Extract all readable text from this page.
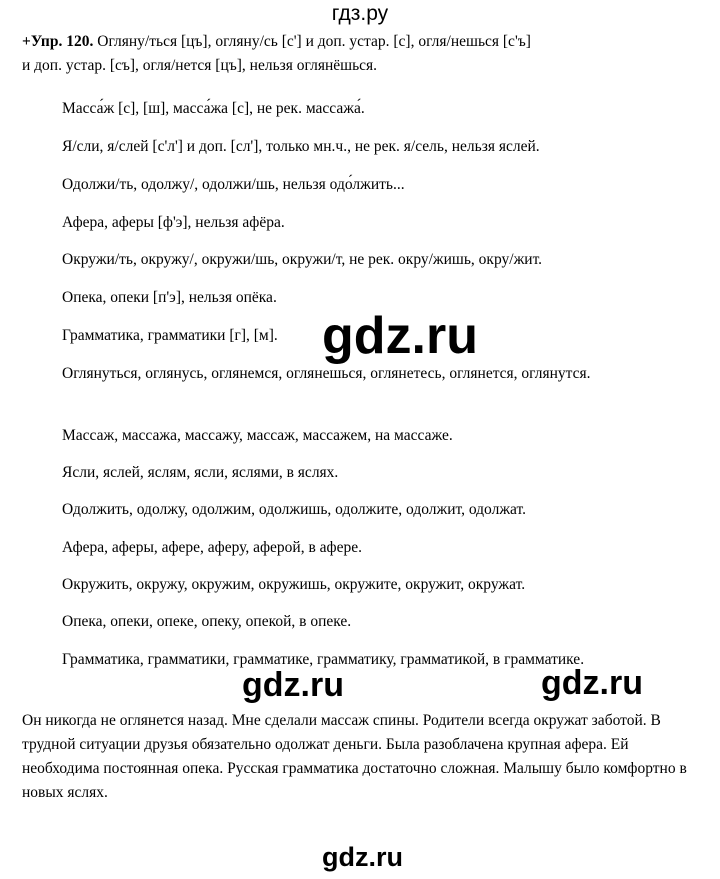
гдз.ру
+Упр. 120. Огляну/ться [цъ], огляну/сь [с'] и доп. устар. [с], огля/нешься [с'ъ]
и доп. устар. [съ], огля/нется [цъ], нельзя оглянёшься.

Масса́ж [с], [ш], масса́жа [с], не рек. массажа́.

Я/сли, я/слей [с'л'] и доп. [сл'], только мн.ч., не рек. я/сель, нельзя яслей.

Одолжи/ть, одолжу/, одолжи/шь, нельзя одо́лжить...

Афера, аферы [ф'э], нельзя афёра.

Окружи/ть, окружу/, окружи/шь, окружи/т, не рек. окру/жишь, окру/жит.

Опека, опеки [п'э], нельзя опёка.

Грамматика, грамматики [г], [м]. gdz.ru

Оглянуться, оглянусь, оглянемся, оглянешься, оглянетесь, оглянется, оглянутся.

Массаж, массажа, массажу, массаж, массажем, на массаже.

Ясли, яслей, яслям, ясли, яслями, в яслях.

Одолжить, одолжу, одолжим, одолжишь, одолжите, одолжит, одолжат.

Афера, аферы, афере, аферу, аферой, в афере.

Окружить, окружу, окружим, окружишь, окружите, окружит, окружат.

Опека, опеки, опеке, опеку, опекой, в опеке.

Грамматика, грамматики, грамматике, грамматику, грамматикой, в грамматике.

gdz.ru	gdz.ru

Он никогда не оглянется назад. Мне сделали массаж спины. Родители всегда окружат заботой. В трудной ситуации друзья обязательно одолжат деньги. Была разоблачена крупная афера. Ей необходима постоянная опека. Русская грамматика достаточно сложная. Малышу было комфортно в новых яслях.

gdz.ru
